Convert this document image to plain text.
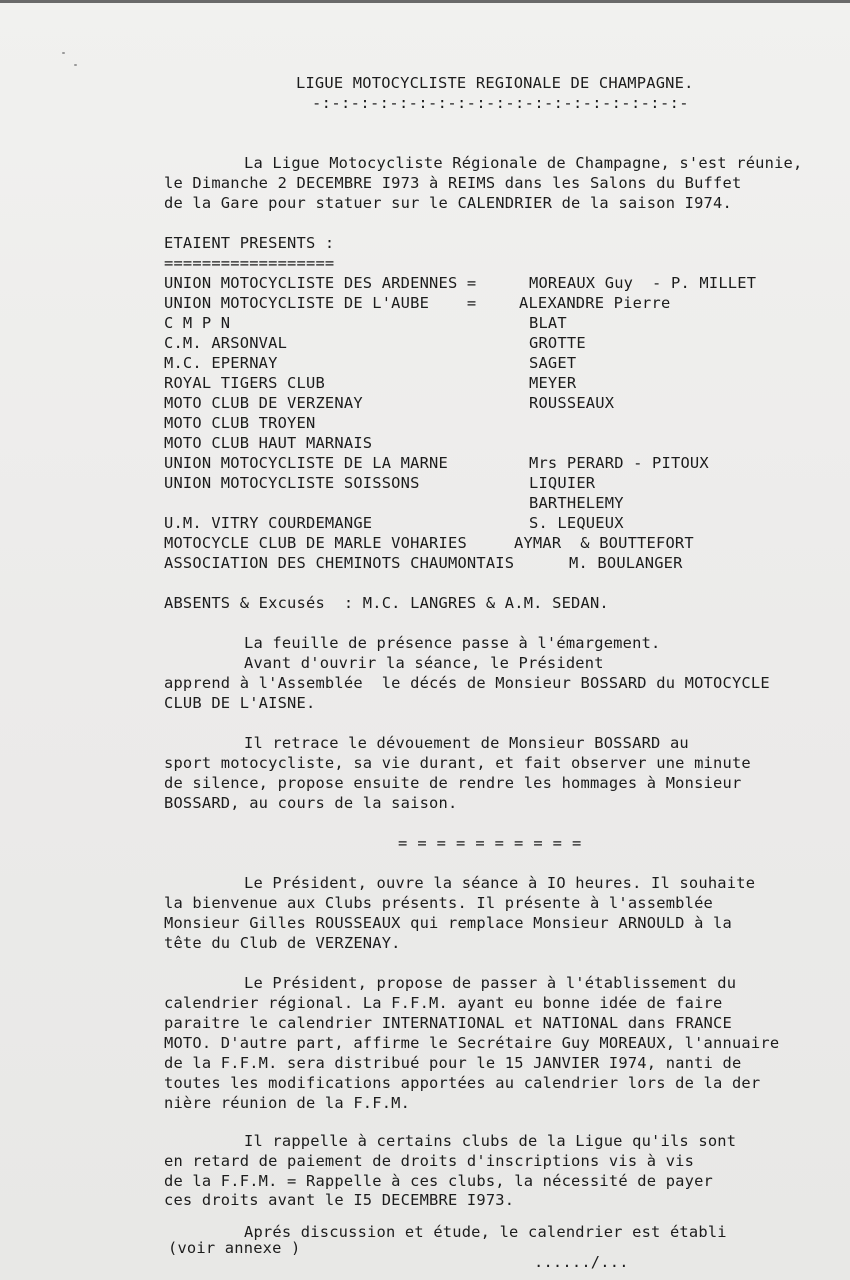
LIGUE MOTOCYCLISTE REGIONALE DE CHAMPAGNE.
-:-:-:-:-:-:-:-:-:-:-:-:-:-:-:-:-:-:-:-
La Ligue Motocycliste Régionale de Champagne, s'est réunie,
le Dimanche 2 DECEMBRE I973 à REIMS dans les Salons du Buffet
de la Gare pour statuer sur le CALENDRIER de la saison I974.
ETAIENT PRESENTS :
==================
UNION MOTOCYCLISTE DES ARDENNES =	MOREAUX Guy  - P. MILLET
UNION MOTOCYCLISTE DE L'AUBE    =	ALEXANDRE Pierre
C M P N	BLAT
C.M. ARSONVAL	GROTTE
M.C. EPERNAY	SAGET
ROYAL TIGERS CLUB	MEYER
MOTO CLUB DE VERZENAY	ROUSSEAUX
MOTO CLUB TROYEN
MOTO CLUB HAUT MARNAIS
UNION MOTOCYCLISTE DE LA MARNE	Mrs PERARD - PITOUX
UNION MOTOCYCLISTE SOISSONS	LIQUIER
BARTHELEMY
U.M. VITRY COURDEMANGE	S. LEQUEUX
MOTOCYCLE CLUB DE MARLE VOHARIES	AYMAR  & BOUTTEFORT
ASSOCIATION DES CHEMINOTS CHAUMONTAIS	M. BOULANGER
ABSENTS & Excusés  : M.C. LANGRES & A.M. SEDAN.
La feuille de présence passe à l'émargement.
Avant d'ouvrir la séance, le Président
apprend à l'Assemblée  le décés de Monsieur BOSSARD du MOTOCYCLE
CLUB DE L'AISNE.
Il retrace le dévouement de Monsieur BOSSARD au
sport motocycliste, sa vie durant, et fait observer une minute
de silence, propose ensuite de rendre les hommages à Monsieur
BOSSARD, au cours de la saison.
= = = = = = = = = =
Le Président, ouvre la séance à IO heures. Il souhaite
la bienvenue aux Clubs présents. Il présente à l'assemblée
Monsieur Gilles ROUSSEAUX qui remplace Monsieur ARNOULD à la
tête du Club de VERZENAY.
Le Président, propose de passer à l'établissement du
calendrier régional. La F.F.M. ayant eu bonne idée de faire
paraitre le calendrier INTERNATIONAL et NATIONAL dans FRANCE
MOTO. D'autre part, affirme le Secrétaire Guy MOREAUX, l'annuaire
de la F.F.M. sera distribué pour le 15 JANVIER I974, nanti de
toutes les modifications apportées au calendrier lors de la der
nière réunion de la F.F.M.
Il rappelle à certains clubs de la Ligue qu'ils sont
en retard de paiement de droits d'inscriptions vis à vis
de la F.F.M. = Rappelle à ces clubs, la nécessité de payer
ces droits avant le I5 DECEMBRE I973.
Aprés discussion et étude, le calendrier est établi
(voir annexe )
....../...
